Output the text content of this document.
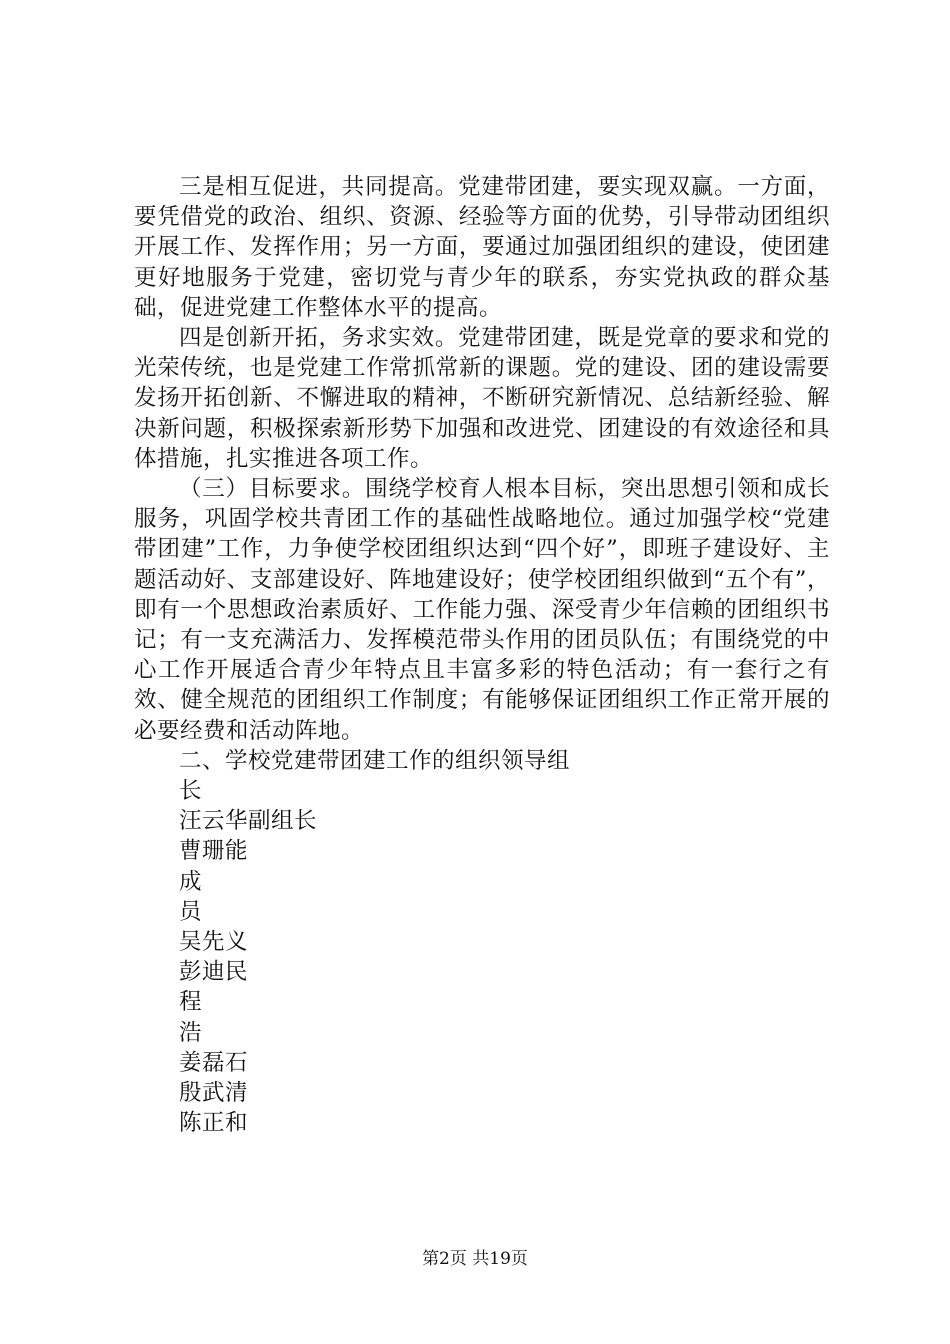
三是相互促进，共同提高。党建带团建，要实现双赢。一方面，要凭借党的政治、组织、资源、经验等方面的优势，引导带动团组织开展工作、发挥作用；另一方面，要通过加强团组织的建设，使团建更好地服务于党建，密切党与青少年的联系，夯实党执政的群众基础，促进党建工作整体水平的提高。

四是创新开拓，务求实效。党建带团建，既是党章的要求和党的光荣传统，也是党建工作常抓常新的课题。党的建设、团的建设需要发扬开拓创新、不懈进取的精神，不断研究新情况、总结新经验、解决新问题，积极探索新形势下加强和改进党、团建设的有效途径和具体措施，扎实推进各项工作。

（三）目标要求。围绕学校育人根本目标，突出思想引领和成长服务，巩固学校共青团工作的基础性战略地位。通过加强学校“党建带团建”工作，力争使学校团组织达到“四个好”，即班子建设好、主题活动好、支部建设好、阵地建设好；使学校团组织做到“五个有”，即有一个思想政治素质好、工作能力强、深受青少年信赖的团组织书记；有一支充满活力、发挥模范带头作用的团员队伍；有围绕党的中心工作开展适合青少年特点且丰富多彩的特色活动；有一套行之有效、健全规范的团组织工作制度；有能够保证团组织工作正常开展的必要经费和活动阵地。

二、学校党建带团建工作的组织领导组

长

汪云华副组长

曹珊能

成

员

吴先义

彭迪民

程

浩

姜磊石

殷武清

陈正和

第2页 共19页
